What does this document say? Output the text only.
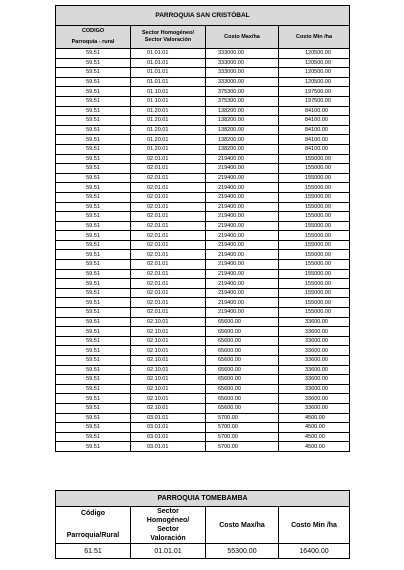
PARROQUIA SAN CRISTÓBAL			
CODIGO	Sector Homogéneo/ Sector Valoración	Costo Max/ha	Costo Min /ha
Parroquia - rural			
59.51	01.01.01	333000.00	120500.00
59.51	01.01.01	333000.00	120500.00
59.51	01.01.01	333000.00	120500.00
59.51	01.01.01	333000.00	120500.00
59.51	01.10.01	375300.00	197500.00
59.51	01.10.01	375300.00	197500.00
59.51	01.20.01	138200.00	84100.00
59.51	01.20.01	138200.00	84100.00
59.51	01.20.01	138200.00	84100.00
59.51	01.20.01	138200.00	84100.00
59.51	01.20.01	138200.00	84100.00
59.51	02.01.01	219400.00	155000.00
59.51	02.01.01	219400.00	155000.00
59.51	02.01.01	219400.00	155000.00
59.51	02.01.01	219400.00	155000.00
59.51	02.01.01	219400.00	155000.00
59.51	02.01.01	219400.00	155000.00
59.51	02.01.01	219400.00	155000.00
59.51	02.01.01	219400.00	155000.00
59.51	02.01.01	219400.00	155000.00
59.51	02.01.01	219400.00	155000.00
59.51	02.01.01	219400.00	155000.00
59.51	02.01.01	219400.00	155000.00
59.51	02.01.01	219400.00	155000.00
59.51	02.01.01	219400.00	155000.00
59.51	02.01.01	219400.00	155000.00
59.51	02.01.01	219400.00	155000.00
59.51	02.01.01	219400.00	155000.00
59.51	02.10.01	65600.00	33600.00
59.51	02.10.01	65600.00	33600.00
59.51	02.10.01	65600.00	33600.00
59.51	02.10.01	65600.00	33600.00
59.51	02.10.01	65600.00	33600.00
59.51	02.10.01	65600.00	33600.00
59.51	02.10.01	65600.00	33600.00
59.51	02.10.01	65600.00	33600.00
59.51	02.10.01	65600.00	33600.00
59.51	02.10.01	65600.00	33600.00
59.51	03.01.01	5700.00	4500.00
59.51	03.01.01	5700.00	4500.00
59.51	03.01.01	5700.00	4500.00
59.51	03.01.01	5700.00	4500.00
PARROQUIA TOMEBAMBA			
Código	Sector Homogéneo/ Sector Valoración	Costo Max/ha	Costo Min /ha
Parroquia/Rural			
61.51	01.01.01	55300.00	16400.00
